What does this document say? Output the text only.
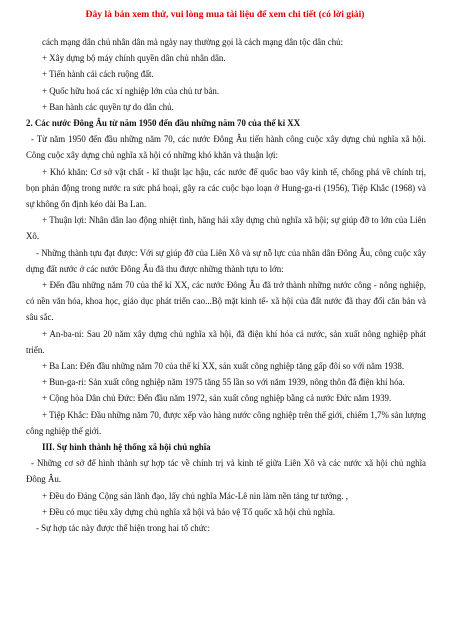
Đây là bản xem thử, vui lòng mua tài liệu để xem chi tiết (có lời giải)

cách mạng dân chủ nhân dân mà ngày nay thường gọi là cách mạng dân tộc dân chủ:

+ Xây dựng bộ máy chính quyền dân chủ nhân dân.

+ Tiến hành cải cách ruộng đất.

+ Quốc hữu hoá các xí nghiệp lớn của chủ tư bản.

+ Ban hành các quyền tự do dân chủ.

2. Các nước Đông Âu từ năm 1950 đến đầu những năm 70 của thế kỉ XX

- Từ năm 1950 đến đầu những năm 70, các nước Đông Âu tiến hành công cuộc xây dựng chủ nghĩa xã hội. Công cuộc xây dựng chủ nghĩa xã hội có những khó khăn và thuận lợi:

+ Khó khăn: Cơ sở vật chất - kĩ thuật lạc hậu, các nước đế quốc bao vây kinh tế, chống phá về chính trị, bọn phản động trong nước ra sức phá hoại, gây ra các cuộc bạo loạn ở Hung-ga-ri (1956), Tiệp Khắc (1968) và sự không ổn định kéo dài Ba Lan.

+ Thuận lợi: Nhân dân lao động nhiệt tình, hăng hái xây dựng chủ nghĩa xã hội; sự giúp đỡ to lớn của Liên Xô.

- Những thành tựu đạt được: Với sự giúp đỡ của Liên Xô và sự nỗ lực của nhân dân Đông Âu, công cuộc xây dựng đất nước ở các nước Đông Âu đã thu được những thành tựu to lớn:

+ Đến đầu những năm 70 của thế kỉ XX, các nước Đông Âu đã trở thành những nước công - nông nghiệp, có nền văn hóa, khoa học, giáo dục phát triển cao...Bộ mặt kinh tế- xã hội của đất nước đã thay đổi căn bản và sâu sắc.

+ An-ba-ni: Sau 20 năm xây dựng chủ nghĩa xã hội, đã điện khí hóa cả nước, sản xuất nông nghiệp phát triển.

+ Ba Lan: Đến đầu những năm 70 của thế kỉ XX, sản xuất công nghiệp tăng gấp đôi so với năm 1938.

+ Bun-ga-ri: Sản xuất công nghiệp năm 1975 tăng 55 lần so với năm 1939, nông thôn đã điện khí hóa.

+ Cộng hòa Dân chủ Đức: Đến đầu năm 1972, sản xuất công nghiệp bằng cả nước Đức năm 1939.

+ Tiệp Khắc: Đầu những năm 70, được xếp vào hàng nước công nghiệp trên thế giới, chiếm 1,7% sản lượng công nghiệp thế giới.

III. Sự hình thành hệ thống xã hội chủ nghĩa

- Những cơ sở để hình thành sự hợp tác về chính trị và kinh tế giữa Liên Xô và các nước xã hội chủ nghĩa Đông Âu.

+ Đều do Đảng Cộng sản lãnh đạo, lấy chủ nghĩa Mác-Lê nin làm nền tảng tư tưởng. ,

+ Đều có mục tiêu xây dựng chủ nghĩa xã hội và bảo vệ Tổ quốc xã hội chủ nghĩa.

- Sự hợp tác này được thể hiện trong hai tổ chức:
